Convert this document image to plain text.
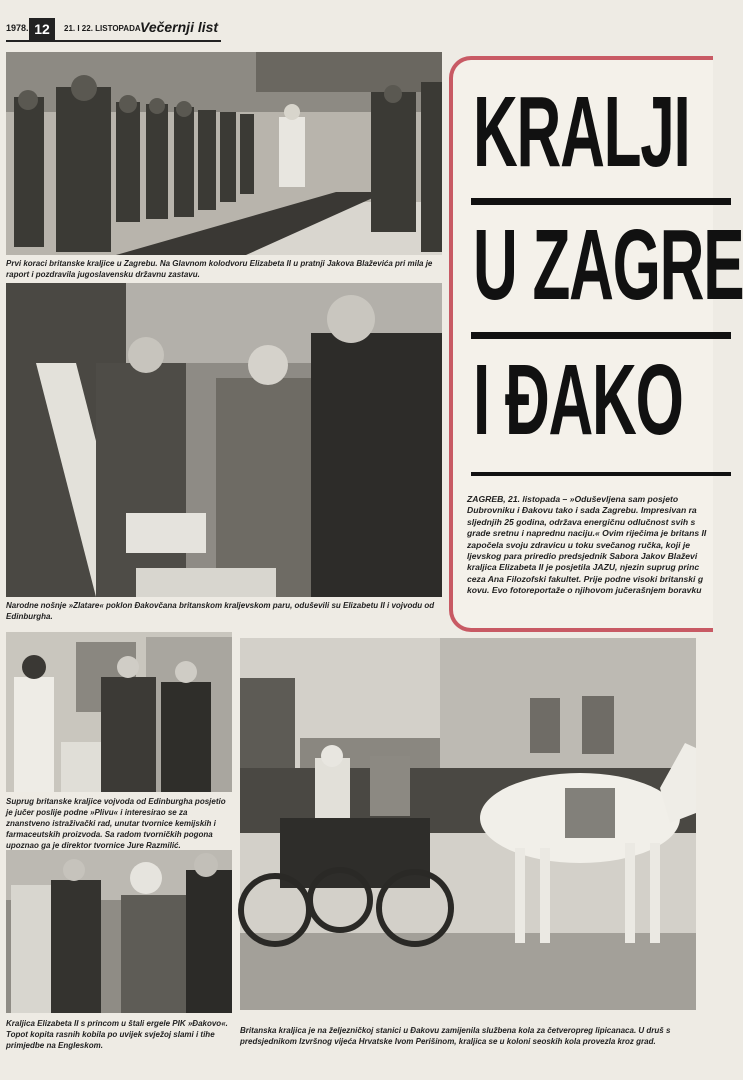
1978. 12	21. I 22. LISTOPADA Večernji list
Prvi koraci britanske kraljice u Zagrebu. Na Glavnom kolodvoru Elizabeta II u pratnji Jakova Blaževića pri mila je raport i pozdravila jugoslavensku državnu zastavu.
Narodne nošnje »Zlatare« poklon Đakovčana britanskom kraljevskom paru, oduševili su Elizabetu II i vojvodu od Edinburgha.
Suprug britanske kraljice vojvoda od Edinburgha posjetio je jučer poslije podne »Plivu« i interesirao se za znanstveno istraživački rad, unutar tvornice kemijskih i farmaceutskih proizvoda. Sa radom tvorničkih pogona upoznao ga je direktor tvornice Jure Razmilić.
Kraljica Elizabeta II s princom u štali ergele PIK »Đakovo«. Topot kopita rasnih kobila po uvijek svježoj slami i tihe primjedbe na Engleskom.
Britanska kraljica je na željezničkoj stanici u Đakovu zamijenila službena kola za četveropreg lipicanaca. U druš s predsjednikom Izvršnog vijeća Hrvatske Ivom Perišinom, kraljica se u koloni seoskih kola provezla kroz grad.
KRALJI
U ZAGRE
I ĐAKO
ZAGREB, 21. listopada – »Oduševljena sam posjeto Dubrovniku i Đakovu tako i sada Zagrebu. Impresivan ra sljednjih 25 godina, održava energičnu odlučnost svih s grade sretnu i naprednu naciju.« Ovim riječima je britans II započela svoju zdravicu u toku svečanog ručka, koji je ljevskog para priredio predsjednik Sabora Jakov Blaževi kraljica Elizabeta II je posjetila JAZU, njezin suprug princ ceza Ana Filozofski fakultet. Prije podne visoki britanski g kovu. Evo fotoreportaže o njihovom jučerašnjem boravku
